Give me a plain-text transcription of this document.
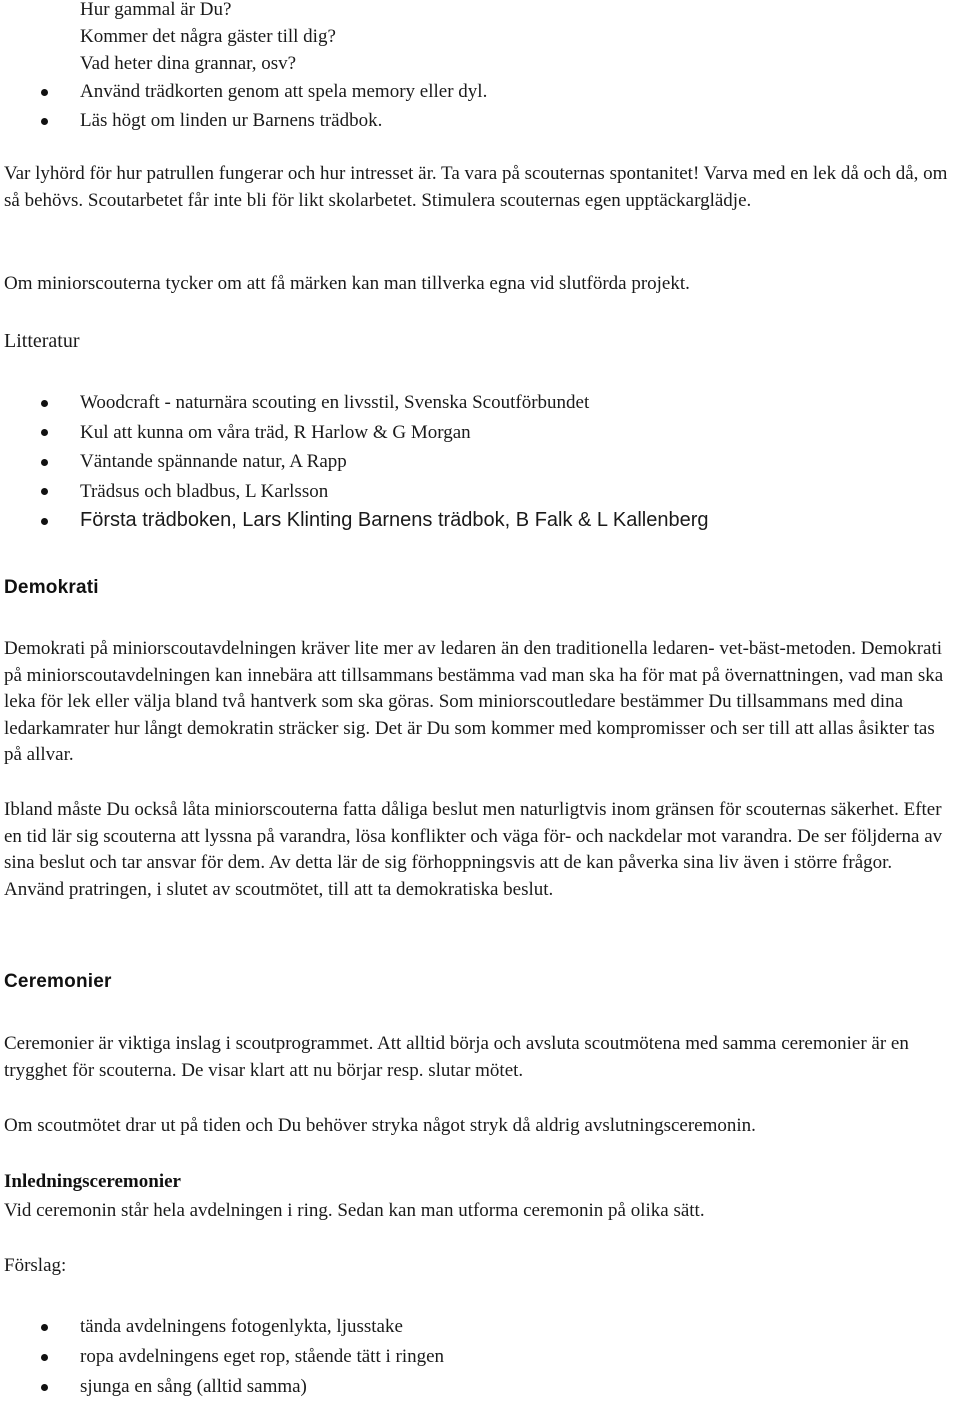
Hur gammal är Du?
Kommer det några gäster till dig?
Vad heter dina grannar, osv?
Använd trädkorten genom att spela memory eller dyl.
Läs högt om linden ur Barnens trädbok.

Var lyhörd för hur patrullen fungerar och hur intresset är. Ta vara på scouternas spontanitet! Varva med en lek då och då, om så behövs. Scoutarbetet får inte bli för likt skolarbetet. Stimulera scouternas egen upptäckarglädje.

Om miniorscouterna tycker om att få märken kan man tillverka egna vid slutförda projekt.

Litteratur
Woodcraft - naturnära scouting en livsstil, Svenska Scoutförbundet
Kul att kunna om våra träd, R Harlow & G Morgan
Väntande spännande natur, A Rapp
Trädsus och bladbus, L Karlsson
Första trädboken, Lars Klinting Barnens trädbok, B Falk & L Kallenberg
Demokrati

Demokrati på miniorscoutavdelningen kräver lite mer av ledaren än den traditionella ledaren- vet-bäst-metoden. Demokrati på miniorscoutavdelningen kan innebära att tillsammans bestämma vad man ska ha för mat på övernattningen, vad man ska leka för lek eller välja bland två hantverk som ska göras. Som miniorscoutledare bestämmer Du tillsammans med dina ledarkamrater hur långt demokratin sträcker sig. Det är Du som kommer med kompromisser och ser till att allas åsikter tas på allvar.

Ibland måste Du också låta miniorscouterna fatta dåliga beslut men naturligtvis inom gränsen för scouternas säkerhet. Efter en tid lär sig scouterna att lyssna på varandra, lösa konflikter och väga för- och nackdelar mot varandra. De ser följderna av sina beslut och tar ansvar för dem. Av detta lär de sig förhoppningsvis att de kan påverka sina liv även i större frågor. Använd pratringen, i slutet av scoutmötet, till att ta demokratiska beslut.

Ceremonier

Ceremonier är viktiga inslag i scoutprogrammet. Att alltid börja och avsluta scoutmötena med samma ceremonier är en trygghet för scouterna. De visar klart att nu börjar resp. slutar mötet.

Om scoutmötet drar ut på tiden och Du behöver stryka något stryk då aldrig avslutningsceremonin.

Inledningsceremonier

Vid ceremonin står hela avdelningen i ring. Sedan kan man utforma ceremonin på olika sätt.

Förslag:

tända avdelningens fotogenlykta, ljusstake
ropa avdelningens eget rop, stående tätt i ringen
sjunga en sång (alltid samma)
